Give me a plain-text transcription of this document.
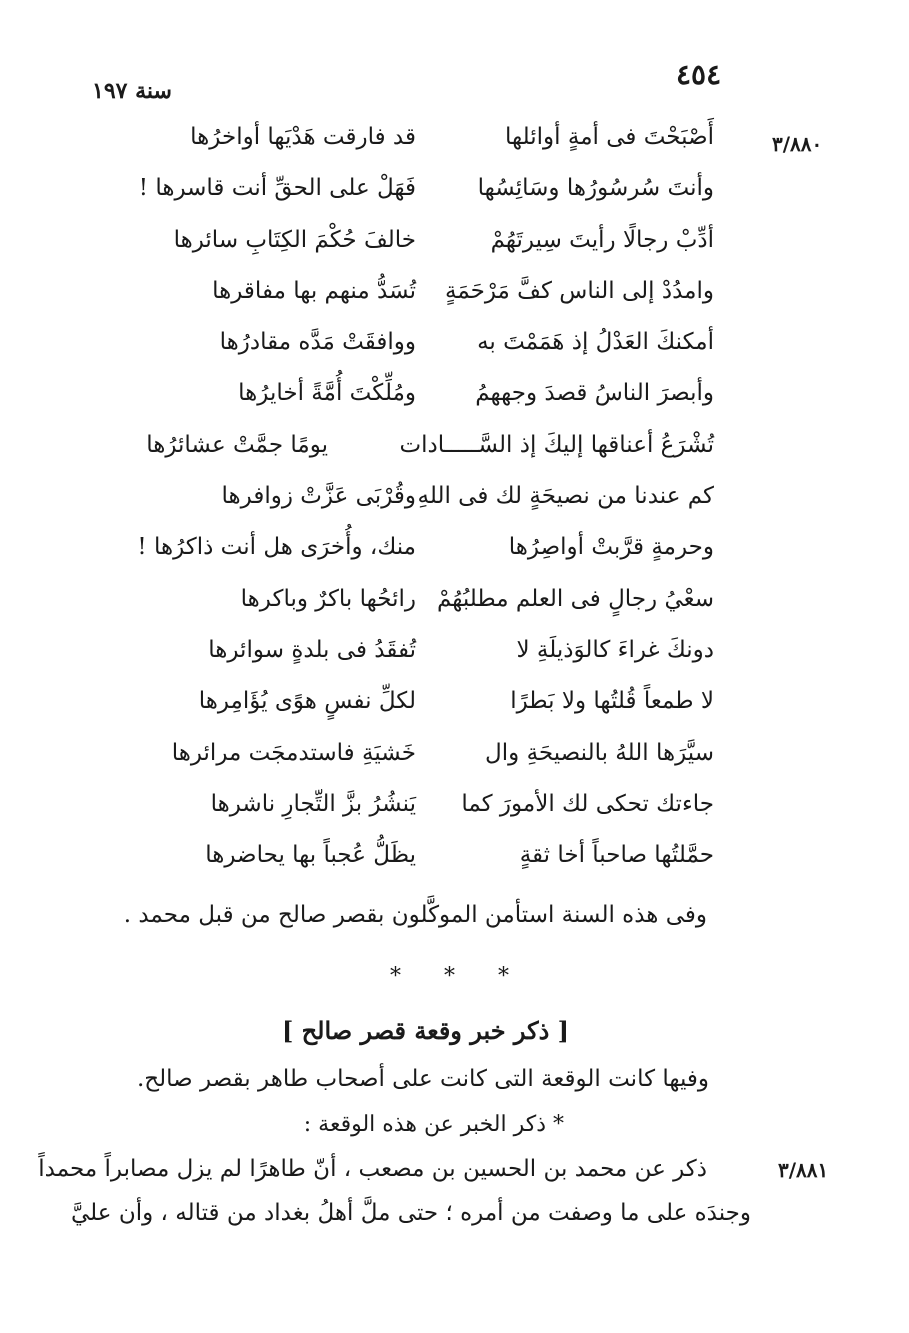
٤٥٤
سنة ١٩٧
٣/٨٨٠
أَصْبَحْتَ فى أمةٍ أوائلها
قد فارقت هَدْيَها أواخرُها
وأنتَ سُرسُورُها وسَائِسُها
فَهَلْ على الحقِّ أنت قاسرها !
أدِّبْ رجالًا رأيتَ سِيرتَهُمْ
خالفَ حُكْمَ الكِتَابِ سائرها
وامدُدْ إلى الناس كفَّ مَرْحَمَةٍ
تُسَدُّ منهم بها مفاقرها
أمكنكَ العَدْلُ إذ هَمَمْتَ به
ووافقَتْ مَدَّه مقادرُها
وأبصرَ الناسُ قصدَ وجههمُ
ومُلِّكْتَ أُمَّةً أخايرُها
تُشْرَعُ أعناقها إليكَ إذ السَّـــــادات
يومًا جمَّتْ عشائرُها
كم عندنا من نصيحَةٍ لك فى اللهِ
وقُرْبَى عَزَّتْ زوافرها
وحرمةٍ قرَّبتْ أواصِرُها
منك، وأُخرَى هل أنت ذاكرُها !
سعْيُ رجالٍ فى العلم مطلبُهُمْ
رائحُها باكرٌ وباكرها
دونكَ غراءَ كالوَذيلَةِ لا
تُفقَدُ فى بلدةٍ سوائرها
لا طمعاً قُلتُها ولا بَطرًا
لكلِّ نفسٍ هوًى يُؤَامِرها
سيَّرَها اللهُ بالنصيحَةِ وال
خَشيَةِ فاستدمجَت مرائرها
جاءتك تحكى لك الأمورَ كما
يَنشُرُ بزَّ التِّجارِ ناشرها
حمَّلتُها صاحباً أخا ثقةٍ
يظَلُّ عُجباً بها يحاضرها
وفى هذه السنة استأمن الموكَّلون بقصر صالح من قبل محمد .
* * *
[ ذكر خبر وقعة قصر صالح ]
وفيها كانت الوقعة التى كانت على أصحاب طاهر بقصر صالح.
* ذكر الخبر عن هذه الوقعة :
٣/٨٨١
ذكر عن محمد بن الحسين بن مصعب ، أنّ طاهرًا لم يزل مصابراً محمداً
وجندَه على ما وصفت من أمره ؛ حتى ملَّ أهلُ بغداد من قتاله ، وأن عليَّ
